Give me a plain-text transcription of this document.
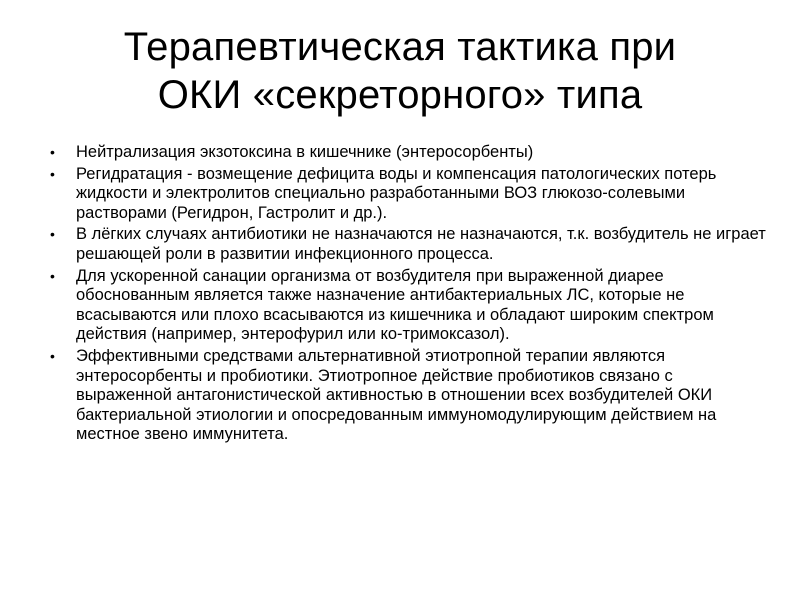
Терапевтическая тактика при
ОКИ «секреторного» типа
• Нейтрализация экзотоксина в кишечнике (энтеросорбенты)
• Регидратация - возмещение дефицита воды и компенсация патологических потерь жидкости и электролитов специально разработанными ВОЗ глюкозо-солевыми растворами (Регидрон, Гастролит и др.).
• В лёгких случаях антибиотики не назначаются не назначаются, т.к. возбудитель не играет решающей роли в развитии инфекционного процесса.
• Для ускоренной санации организма от возбудителя при выраженной диарее обоснованным является также назначение антибактериальных ЛС, которые не всасываются или плохо всасываются из кишечника и обладают широким спектром действия (например, энтерофурил или ко-тримоксазол).
• Эффективными средствами альтернативной этиотропной терапии являются энтеросорбенты и пробиотики. Этиотропное действие пробиотиков связано с выраженной антагонистической активностью в отношении всех возбудителей ОКИ бактериальной этиологии и опосредованным иммуномодулирующим действием на местное звено иммунитета.
